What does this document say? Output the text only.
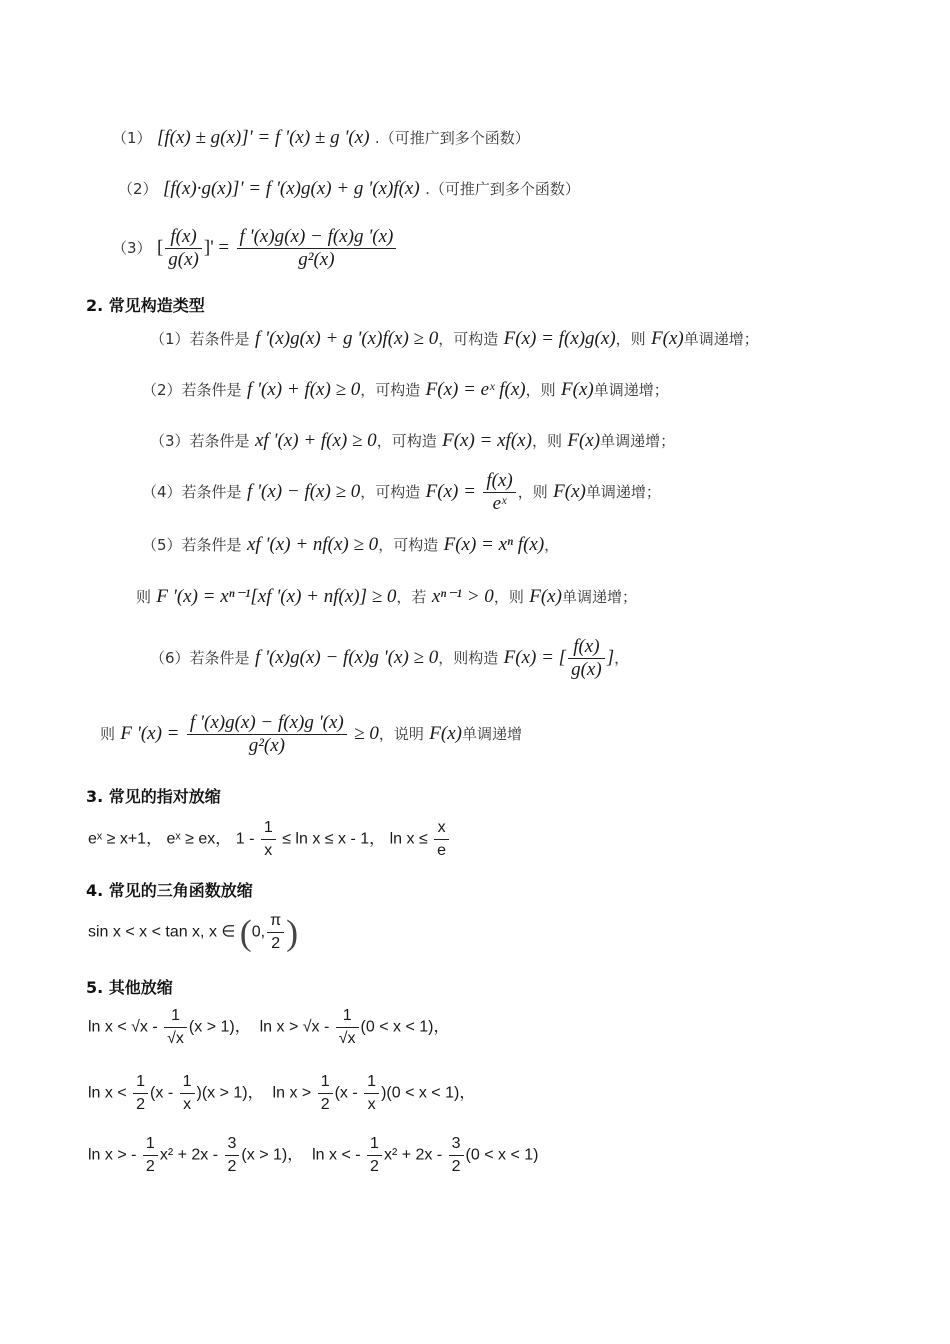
（1） [f(x) ± g(x)]' = f '(x) ± g '(x) .（可推广到多个函数）
（2） [f(x)·g(x)]' = f '(x)g(x) + g '(x)f(x) .（可推广到多个函数）
（3） [ $\frac{f(x)}{g(x)}$ ]' = $\frac{f '(x)g(x) - f(x)g '(x)}{\text{g²(x)}}$
2. 常见构造类型
（1）若条件是 f '(x)g(x) + g '(x)f(x) ≥ 0，可构造 F(x) = f(x)g(x)，则 F(x)单调递增；
（2）若条件是 f '(x) + f(x) ≥ 0，可构造 F(x) = eˣ f(x)，则 F(x)单调递增；
（3）若条件是 xf '(x) + f(x) ≥ 0，可构造 F(x) = xf(x)，则 F(x)单调递增；
（4）若条件是 f '(x) − f(x) ≥ 0，可构造 $F(x) = \frac{f(x)}{\text{eˣ}}$ ，则 F(x)单调递增；
（5）若条件是 xf '(x) + nf(x) ≥ 0，可构造 F(x) = xⁿ f(x)，
则 F '(x) = xⁿ⁻¹[xf '(x) + nf(x)] ≥ 0，若 xⁿ⁻¹ > 0，则 F(x)单调递增；
（6）若条件是 f '(x)g(x) − f(x)g '(x) ≥ 0，则构造 F(x) = [ $\frac{f(x)}{g(x)}$ ]，
则 F '$(x) = \frac{f '(x)g(x) - f(x)g '(x)}{\text{g²(x)}} \ge 0$，说明 F(x)单调递增
3. 常见的指对放缩
eˣ ≥ x+1， eˣ ≥ ex， $1 - \frac{1}{x} \le \ln x \le x - 1$， $\ln x \le \frac{x}{e}$
4. 常见的三角函数放缩
sin x < x < tan x, x ∈ (0, $\frac{\pi}{2}$ )
5. 其他放缩
$\ln x < √x - \frac{1}{√x} (x > 1)$， $\ln x > √x - \frac{1}{√x} (0 < x < 1)$，
$\ln x < \frac{1}{2} (x - \frac{1}{x} )(x > 1)$， $\ln x > \frac{1}{2} (x - \frac{1}{x} )(0 < x < 1)$，
ln x > - $\frac{1}{2} x^2 + 2x - \frac{3}{2} (x > 1)$， ln x < - $\frac{1}{2} x^2 + 2x - \frac{3}{2} (0 < x < 1)$
